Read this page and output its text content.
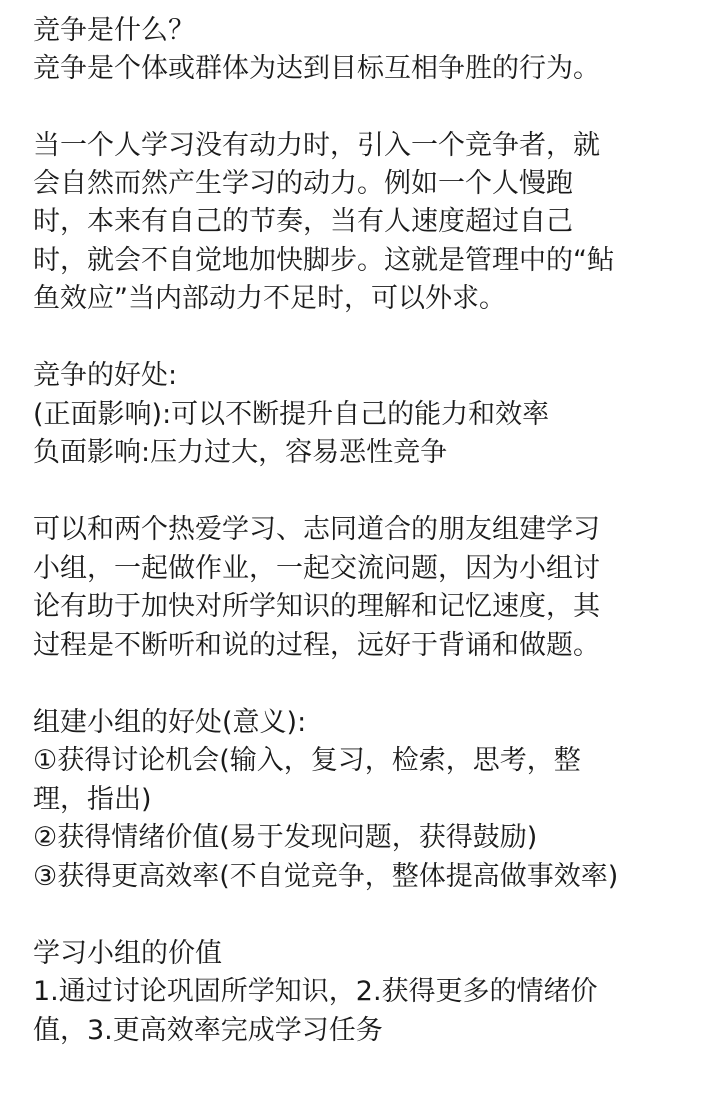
竞争是什么？
竞争是个体或群体为达到目标互相争胜的行为。
当一个人学习没有动力时，引入一个竞争者，就
会自然而然产生学习的动力。例如一个人慢跑
时，本来有自己的节奏，当有人速度超过自己
时，就会不自觉地加快脚步。这就是管理中的“鲇
鱼效应”当内部动力不足时，可以外求。
竞争的好处:
(正面影响):可以不断提升自己的能力和效率
负面影响:压力过大，容易恶性竞争
可以和两个热爱学习、志同道合的朋友组建学习
小组，一起做作业，一起交流问题，因为小组讨
论有助于加快对所学知识的理解和记忆速度，其
过程是不断听和说的过程，远好于背诵和做题。
组建小组的好处(意义):
①获得讨论机会(输入，复习，检索，思考，整
理，指出)
②获得情绪价值(易于发现问题，获得鼓励)
③获得更高效率(不自觉竞争，整体提高做事效率)
学习小组的价值
1.通过讨论巩固所学知识，2.获得更多的情绪价
值，3.更高效率完成学习任务
